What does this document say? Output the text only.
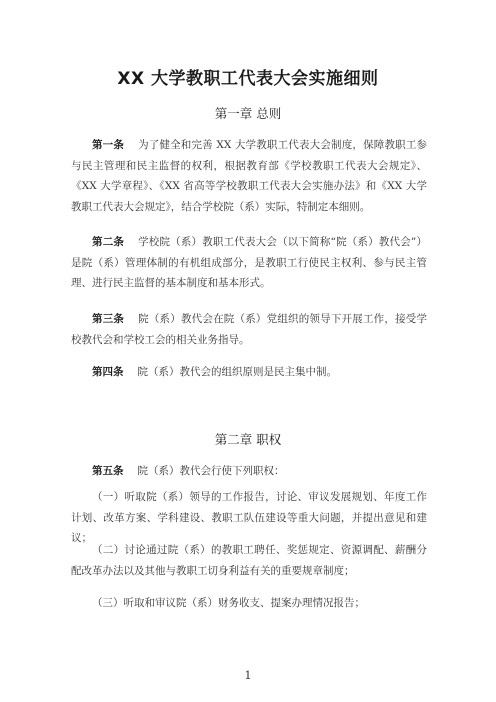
XX 大学教职工代表大会实施细则
第一章 总则

第一条 为了健全和完善 XX 大学教职工代表大会制度，保障教职工参与民主管理和民主监督的权利，根据教育部《学校教职工代表大会规定》、《XX 大学章程》、《XX 省高等学校教职工代表大会实施办法》和《XX 大学教职工代表大会规定》，结合学校院（系）实际，特制定本细则。

第二条 学校院（系）教职工代表大会（以下简称“院（系）教代会”）是院（系）管理体制的有机组成部分，是教职工行使民主权利、参与民主管理、进行民主监督的基本制度和基本形式。

第三条 院（系）教代会在院（系）党组织的领导下开展工作，接受学校教代会和学校工会的相关业务指导。

第四条 院（系）教代会的组织原则是民主集中制。

第二章 职权

第五条 院（系）教代会行使下列职权：

（一）听取院（系）领导的工作报告，讨论、审议发展规划、年度工作计划、改革方案、学科建设、教职工队伍建设等重大问题，并提出意见和建议；

（二）讨论通过院（系）的教职工聘任、奖惩规定、资源调配、薪酬分配改革办法以及其他与教职工切身利益有关的重要规章制度；

（三）听取和审议院（系）财务收支、提案办理情况报告；

1
